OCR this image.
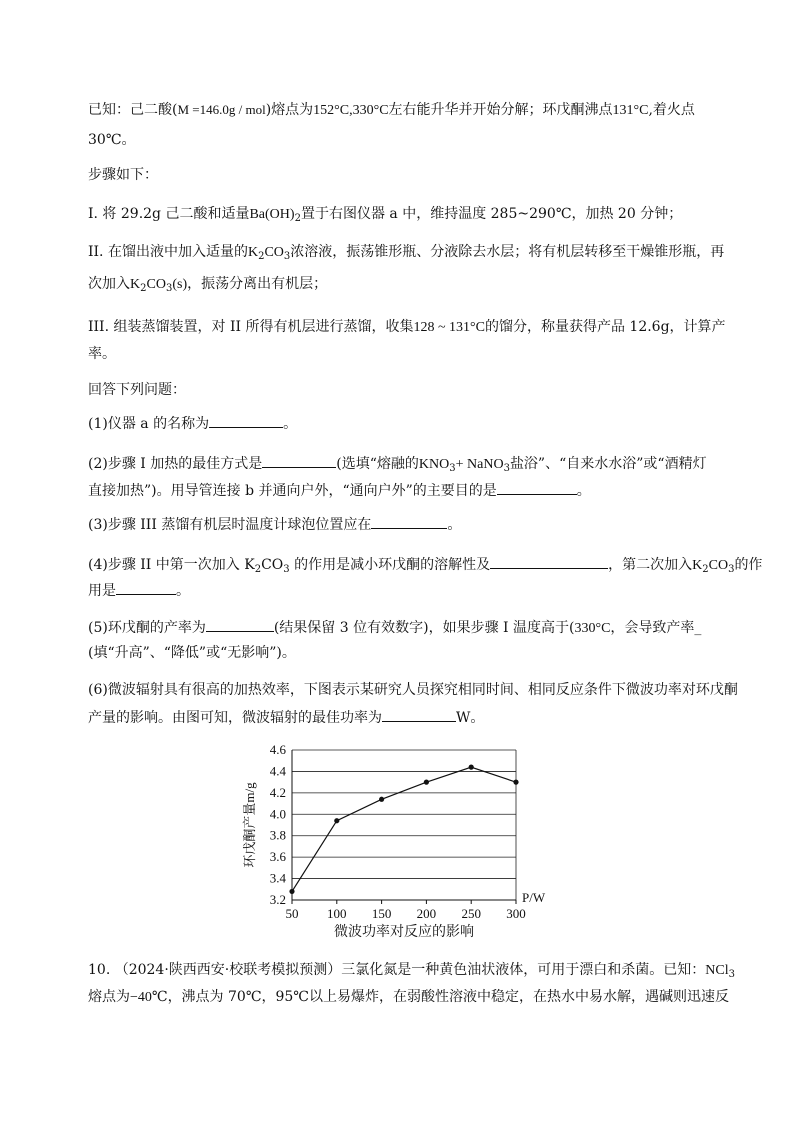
已知：己二酸(M =146.0g / mol)熔点为152°C,330°C左右能升华并开始分解；环戊酮沸点131°C,着火点
30℃。
步骤如下：
I. 将 29.2g 己二酸和适量$Ba(OH)_2$置于右图仪器 a 中，维持温度 285~290℃，加热 20 分钟；
II. 在馏出液中加入适量的$K_2CO_3$浓溶液，振荡锥形瓶、分液除去水层；将有机层转移至干燥锥形瓶，再
次加入$K_2CO_3(s)$，振荡分离出有机层；
III. 组装蒸馏装置，对 II 所得有机层进行蒸馏，收集128 ~ 131°C的馏分，称量获得产品 12.6g，计算产
率。
回答下列问题：
(1)仪器 a 的名称为	。
(2)步骤 I 加热的最佳方式是	(选填“熔融的$KNO_3+$ NaNO$_3$盐浴”、“自来水水浴”或“酒精灯
直接加热”)。用导管连接 b 并通向户外，“通向户外”的主要目的是	。
(3)步骤 III 蒸馏有机层时温度计球泡位置应在	。
(4)步骤 II 中第一次加入 $K_2CO_3$ 的作用是减小环戊酮的溶解性及	，第二次加入$K_2CO_3$的作
用是	。
(5)环戊酮的产率为	(结果保留 3 位有效数字)，如果步骤 I 温度高于(330°C，会导致产率_
(填“升高”、“降低”或“无影响”)。
(6)微波辐射具有很高的加热效率，下图表示某研究人员探究相同时间、相同反应条件下微波功率对环戊酮
产量的影响。由图可知，微波辐射的最佳功率为	W。
3.2
3.4
3.6
3.8
4.0
4.2
4.4
4.6
50 100 150 200 250 300
P/W
环戊酮产量m/g
微波功率对反应的影响
10. （2024·陕西西安·校联考模拟预测）三氯化氮是一种黄色油状液体，可用于漂白和杀菌。已知：NCl$_3$
熔点为−40℃，沸点为 70℃，95℃以上易爆炸，在弱酸性溶液中稳定，在热水中易水解，遇碱则迅速反
